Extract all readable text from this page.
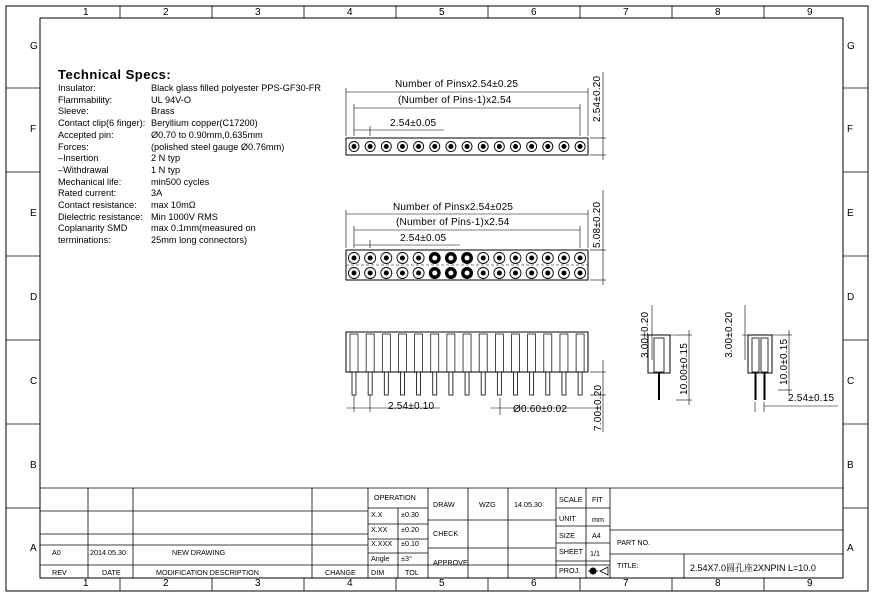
1	2	3	4	5	6	7	8	9
1	2	3	4	5	6	7	8	9
G
F
E
D
C
B
A
G
F
E
D
C
B
A
Technical Specs:
Insulator:	Black glass filled polyester PPS-GF30-FR
Flammability:	UL 94V-O
Sleeve:	Brass
Contact clip(6 finger): Beryllium copper(C17200)
Accepted pin:	Ø0.70 to 0.90mm,0.635mm
Forces:	(polished steel gauge Ø0.76mm)
–Insertion	2 N typ
–Withdrawal	1 N typ
Mechanical life:	min500 cycles
Rated current:	3A
Contact resistance: max 10mΩ
Dielectric resistance: Min 1000V RMS
Coplanarity SMD	max 0.1mm(measured on
terminations:	25mm long connectors)
Number of Pinsx2.54±0.25
(Number of Pins-1)x2.54
2.54±0.05
2.54±0.20
Number of Pinsx2.54±025
(Number of Pins-1)x2.54
2.54±0.05	5.08±0.20
2.54±0.10	Ø0.60±0.02	7.00±0.20
3.00±0.20
10.00±0.15
3.00±0.20
10.0±0.15
2.54±0.15
OPERATION
X.X	±0.30
X.XX ±0.20
X.XXX ±0.10
Angle ±3°
DIM	TOL
DRAW
CHECK
APPROVE
WZG	14.05.30
SCALE FIT
UNIT mm
SIZE A4
SHEET 1/1
PROJ.
PART NO.
TITLE:	2.54X7.0圆孔座2XNPIN L=10.0
REV	DATE	MODIFICATION DESCRIPTION	CHANGE
A0	2014.05.30	NEW DRAWING
